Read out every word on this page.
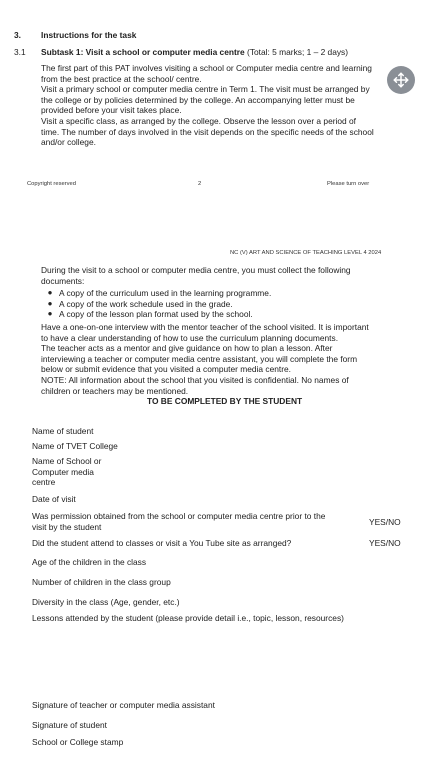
3. Instructions for the task
3.1 Subtask 1: Visit a school or computer media centre (Total: 5 marks; 1 – 2 days)
The first part of this PAT involves visiting a school or Computer media centre and learning
from the best practice at the school/ centre.
Visit a primary school or computer media centre in Term 1. The visit must be arranged by
the college or by policies determined by the college. An accompanying letter must be
provided before your visit takes place.
Visit a specific class, as arranged by the college. Observe the lesson over a period of
time. The number of days involved in the visit depends on the specific needs of the school
and/or college.
Copyright reserved	2	Please turn over
NC (V) ART AND SCIENCE OF TEACHING LEVEL 4 2024
During the visit to a school or computer media centre, you must collect the following
documents:
● A copy of the curriculum used in the learning programme.
● A copy of the work schedule used in the grade.
● A copy of the lesson plan format used by the school.
Have a one-on-one interview with the mentor teacher of the school visited. It is important
to have a clear understanding of how to use the curriculum planning documents.
The teacher acts as a mentor and give guidance on how to plan a lesson. After
interviewing a teacher or computer media centre assistant, you will complete the form
below or submit evidence that you visited a computer media centre.
NOTE: All information about the school that you visited is confidential. No names of
children or teachers may be mentioned.
TO BE COMPLETED BY THE STUDENT
Name of student
Name of TVET College
Name of School or
Computer media
centre
Date of visit
Was permission obtained from the school or computer media centre prior to the
visit by the student	YES/NO
Did the student attend to classes or visit a You Tube site as arranged?	YES/NO
Age of the children in the class
Number of children in the class group
Diversity in the class (Age, gender, etc.)
Lessons attended by the student (please provide detail i.e., topic, lesson, resources)
Signature of teacher or computer media assistant
Signature of student
School or College stamp
